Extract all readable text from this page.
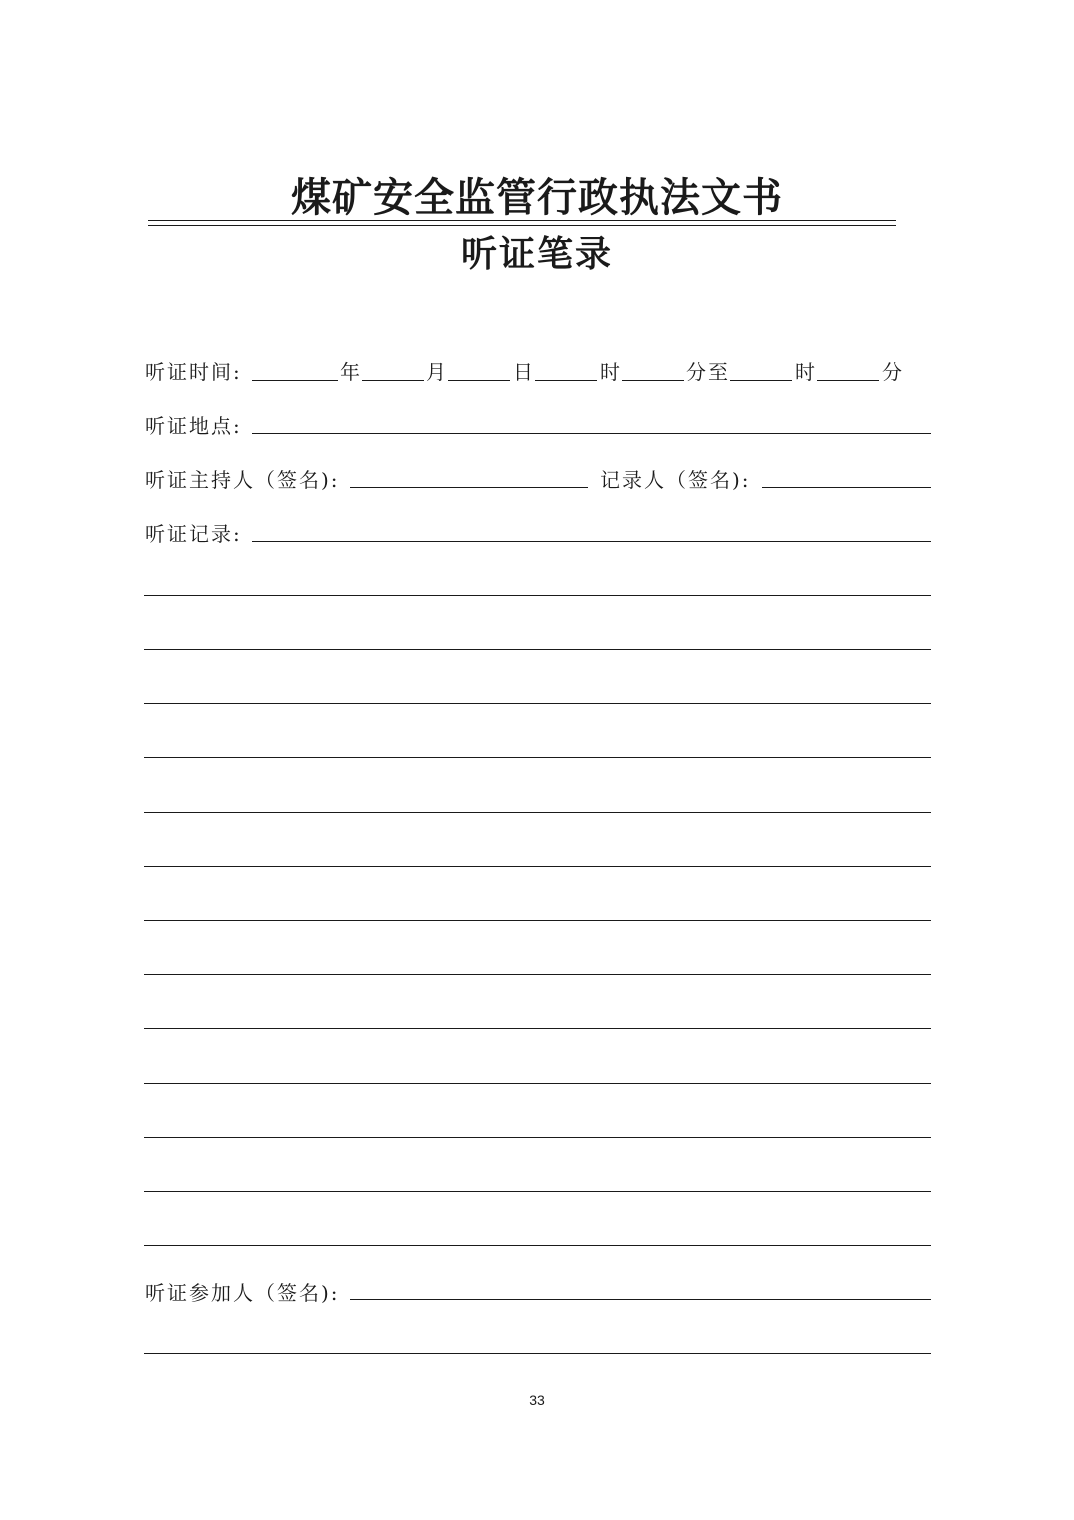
煤矿安全监管行政执法文书
听证笔录
听证时间:	年	月	日	时	分至	时	分
听证地点:
听证主持人（签名):	记录人（签名):
听证记录:
听证参加人（签名):
33
